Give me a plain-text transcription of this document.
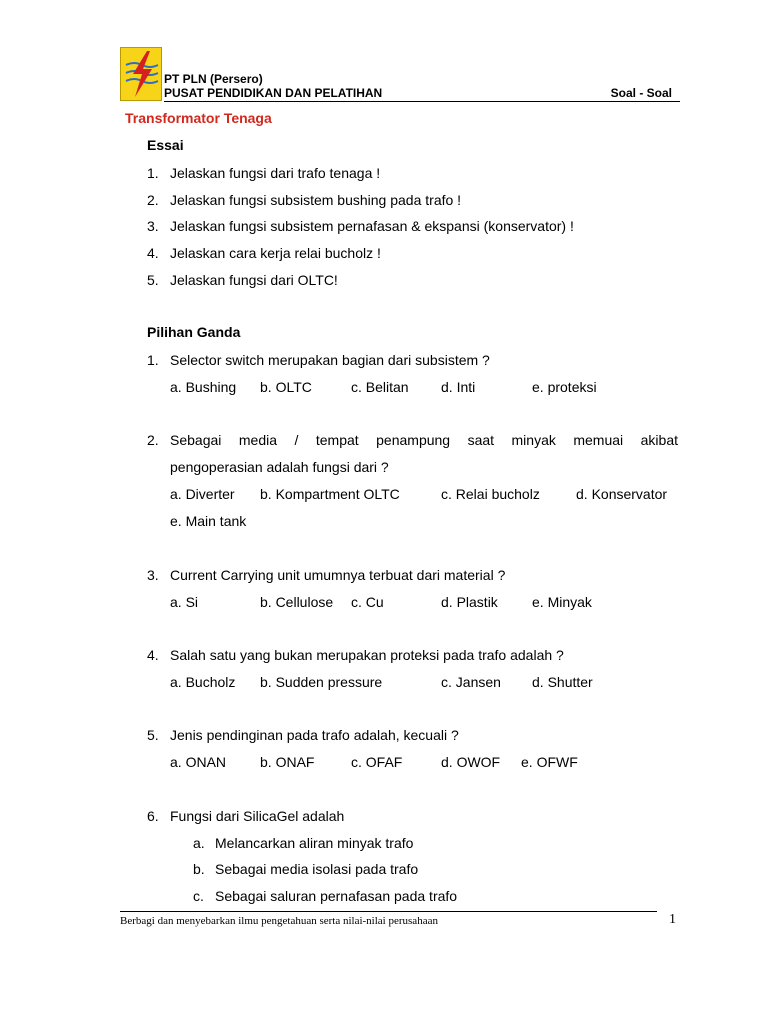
PT PLN (Persero)
PUSAT PENDIDIKAN DAN PELATIHAN	Soal - Soal
Transformator Tenaga
Essai
1. Jelaskan fungsi dari trafo tenaga !
2. Jelaskan fungsi subsistem bushing pada trafo !
3. Jelaskan fungsi subsistem pernafasan & ekspansi (konservator) !
4. Jelaskan cara kerja relai bucholz !
5. Jelaskan fungsi dari OLTC!
Pilihan Ganda
1. Selector switch merupakan bagian dari subsistem ?
a. Bushing b. OLTC	c. Belitan d. Inti	e. proteksi
2. Sebagai media / tempat penampung saat minyak memuai akibat
pengoperasian adalah fungsi dari ?
a. Diverter b. Kompartment OLTC	c. Relai bucholz	d. Konservator
e. Main tank
3. Current Carrying unit umumnya terbuat dari material ?
a. Si	b. Cellulose c. Cu	d. Plastik e. Minyak
4. Salah satu yang bukan merupakan proteksi pada trafo adalah ?
a. Bucholz b. Sudden pressure	c. Jansen d. Shutter
5. Jenis pendinginan pada trafo adalah, kecuali ?
a. ONAN b. ONAF	c. OFAF	d. OWOF e. OFWF
6. Fungsi dari SilicaGel adalah
a. Melancarkan aliran minyak trafo
b. Sebagai media isolasi pada trafo
c. Sebagai saluran pernafasan pada trafo
Berbagi dan menyebarkan ilmu pengetahuan serta nilai-nilai perusahaan	1
